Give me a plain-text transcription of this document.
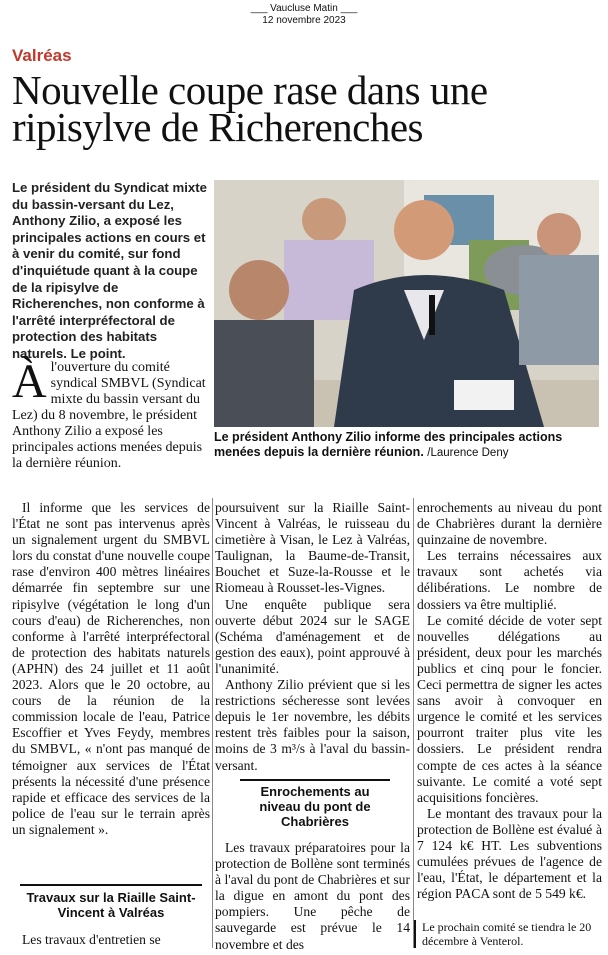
___ Vaucluse Matin ___
12 novembre 2023
Valréas
Nouvelle coupe rase dans une ripisylve de Richerenches
Le président du Syndicat mixte du bassin-versant du Lez, Anthony Zilio, a exposé les principales actions en cours et à venir du comité, sur fond d'inquiétude quant à la coupe de la ripisylve de Richerenches, non conforme à l'arrêté interpréfectoral de protection des habitats naturels. Le point.
À l'ouverture du comité syndical SMBVL (Syndicat mixte du bassin versant du Lez) du 8 novembre, le président Anthony Zilio a exposé les principales actions menées depuis la dernière réunion.
Le président Anthony Zilio informe des principales actions menées depuis la dernière réunion. /Laurence Deny

Il informe que les services de l'État ne sont pas intervenus après un signalement urgent du SMBVL lors du constat d'une nouvelle coupe rase d'environ 400 mètres linéaires démarrée fin septembre sur une ripisylve (végétation le long d'un cours d'eau) de Richerenches, non conforme à l'arrêté interpréfectoral de protection des habitats naturels (APHN) des 24 juillet et 11 août 2023. Alors que le 20 octobre, au cours de la réunion de la commission locale de l'eau, Patrice Escoffier et Yves Feydy, membres du SMBVL, « n'ont pas manqué de témoigner aux services de l'État présents la nécessité d'une présence rapide et efficace des services de la police de l'eau sur le terrain après un signalement ».

Travaux sur la Riaille Saint-Vincent à Valréas

Les travaux d'entretien se

poursuivent sur la Riaille Saint-Vincent à Valréas, le ruisseau du cimetière à Visan, le Lez à Valréas, Taulignan, la Baume-de-Transit, Bouchet et Suze-la-Rousse et le Riomeau à Rousset-les-Vignes.

Une enquête publique sera ouverte début 2024 sur le SAGE (Schéma d'aménagement et de gestion des eaux), point approuvé à l'unanimité.

Anthony Zilio prévient que si les restrictions sécheresse sont levées depuis le 1er novembre, les débits restent très faibles pour la saison, moins de 3 m³/s à l'aval du bassin-versant.

Enrochements au niveau du pont de Chabrières

Les travaux préparatoires pour la protection de Bollène sont terminés à l'aval du pont de Chabrières et sur la digue en amont du pont des pompiers. Une pêche de sauvegarde est prévue le 14 novembre et des

enrochements au niveau du pont de Chabrières durant la dernière quinzaine de novembre.

Les terrains nécessaires aux travaux sont achetés via délibérations. Le nombre de dossiers va être multiplié.

Le comité décide de voter sept nouvelles délégations au président, deux pour les marchés publics et cinq pour le foncier. Ceci permettra de signer les actes sans avoir à convoquer en urgence le comité et les services pourront traiter plus vite les dossiers. Le président rendra compte de ces actes à la séance suivante. Le comité a voté sept acquisitions foncières.

Le montant des travaux pour la protection de Bollène est évalué à 7 124 k€ HT. Les subventions cumulées prévues de l'agence de l'eau, l'État, le département et la région PACA sont de 5 549 k€.

Le prochain comité se tiendra le 20 décembre à Venterol.
